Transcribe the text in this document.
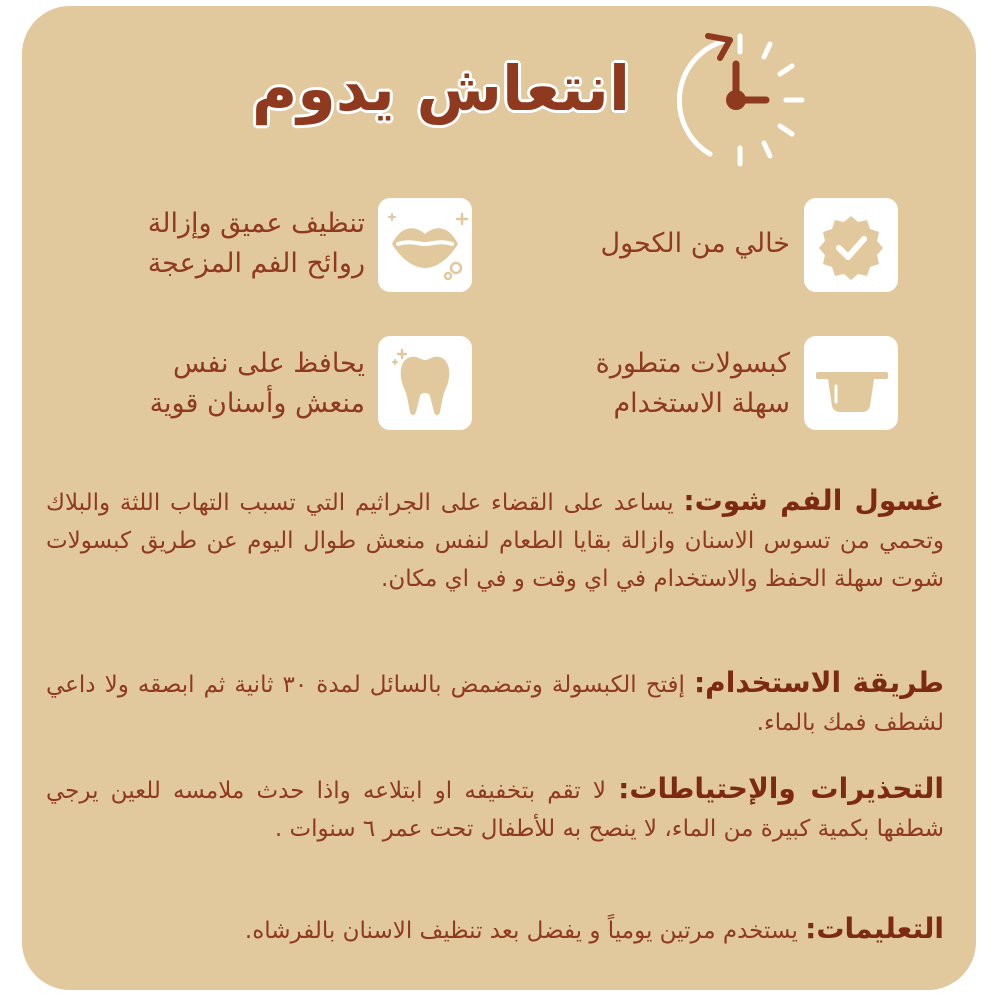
انتعاش يدوم
خالي من الكحول
تنظيف عميق وإزالة
روائح الفم المزعجة
كبسولات متطورة
سهلة الاستخدام
يحافظ على نفس
منعش وأسنان قوية
غسول الفم شوت: يساعد على القضاء على الجراثيم التي تسبب التهاب اللثة والبلاك وتحمي من تسوس الاسنان وازالة بقايا الطعام لنفس منعش طوال اليوم عن طريق كبسولات شوت سهلة الحفظ والاستخدام في اي وقت و في اي مكان.
طريقة الاستخدام: إفتح الكبسولة وتمضمض بالسائل لمدة ٣٠ ثانية ثم ابصقه ولا داعي لشطف فمك بالماء.
التحذيرات والإحتياطات: لا تقم بتخفيفه او ابتلاعه واذا حدث ملامسه للعين يرجي شطفها بكمية كبيرة من الماء، لا ينصح به للأطفال تحت عمر ٦ سنوات .
التعليمات: يستخدم مرتين يومياً و يفضل بعد تنظيف الاسنان بالفرشاه.
